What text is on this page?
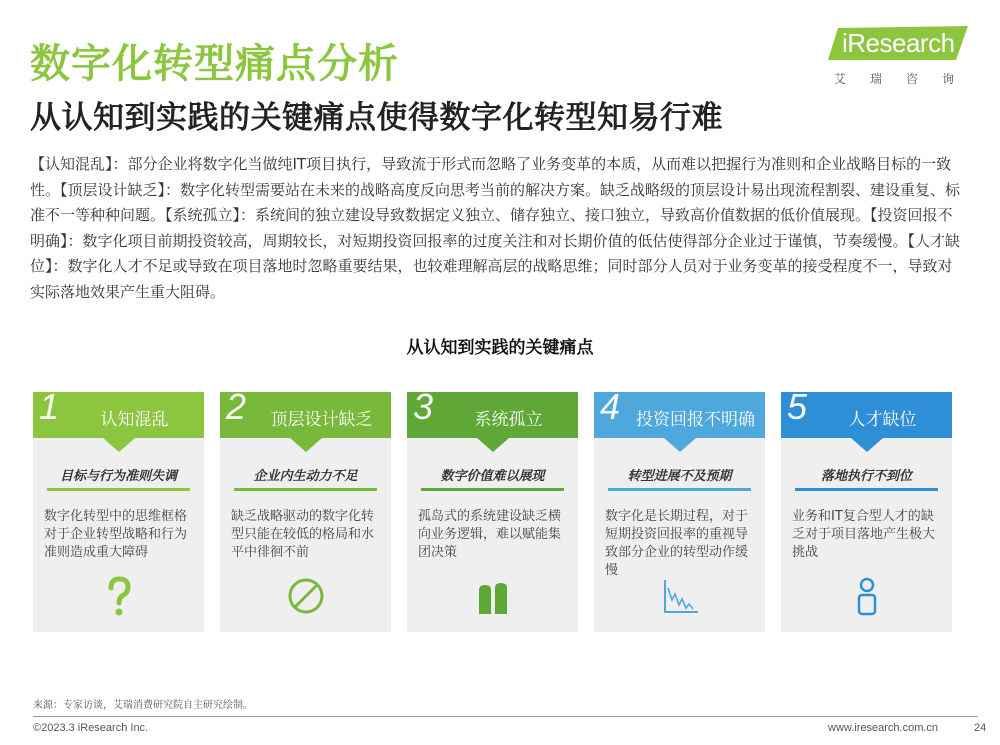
数字化转型痛点分析
从认知到实践的关键痛点使得数字化转型知易行难
iResearch
艾 瑞 咨 询
【认知混乱】：部分企业将数字化当做纯IT项目执行，导致流于形式而忽略了业务变革的本质，从而难以把握行为准则和企业战略目标的一致性。【顶层设计缺乏】：数字化转型需要站在未来的战略高度反向思考当前的解决方案。缺乏战略级的顶层设计易出现流程割裂、建设重复、标准不一等种种问题。【系统孤立】：系统间的独立建设导致数据定义独立、储存独立、接口独立，导致高价值数据的低价值展现。【投资回报不明确】：数字化项目前期投资较高，周期较长，对短期投资回报率的过度关注和对长期价值的低估使得部分企业过于谨慎，节奏缓慢。【人才缺位】：数字化人才不足或导致在项目落地时忽略重要结果，也较难理解高层的战略思维；同时部分人员对于业务变革的接受程度不一，导致对实际落地效果产生重大阻碍。
从认知到实践的关键痛点
1	认知混乱
目标与行为准则失调
数字化转型中的思维框格对于企业转型战略和行为准则造成重大障碍
2	顶层设计缺乏
企业内生动力不足
缺乏战略驱动的数字化转型只能在较低的格局和水平中徘徊不前
3	系统孤立
数字价值难以展现
孤岛式的系统建设缺乏横向业务逻辑，难以赋能集团决策
4 投资回报不明确
转型进展不及预期
数字化是长期过程，对于短期投资回报率的重视导致部分企业的转型动作缓慢
5	人才缺位
落地执行不到位
业务和IT复合型人才的缺乏对于项目落地产生极大挑战
来源：专家访谈，艾瑞消费研究院自主研究绘制。
©2023.3 iResearch Inc.	www.iresearch.com.cn	24
